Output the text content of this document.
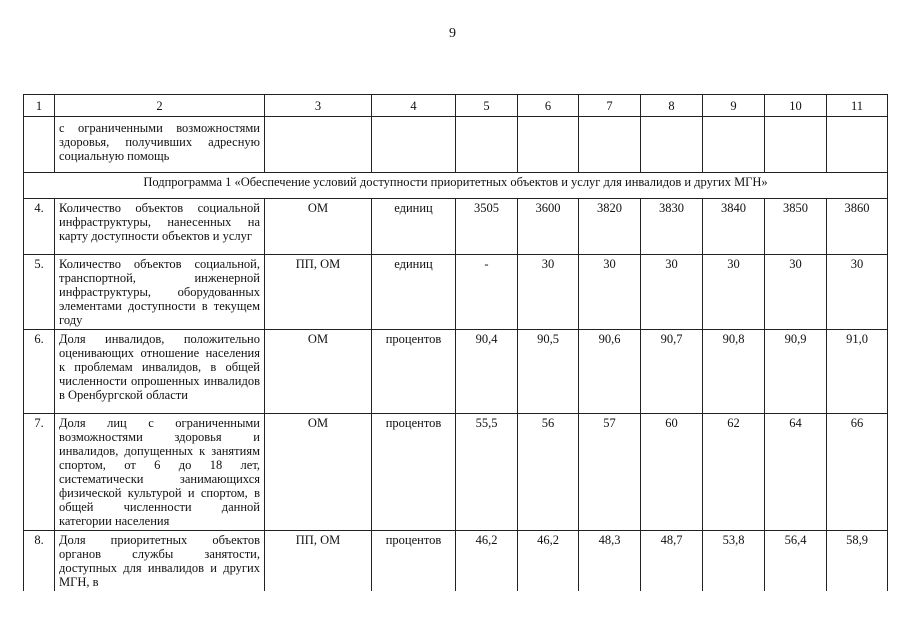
9
1	2	3	4	5	6	7	8	9	10	11
	с ограниченными возможностями здоровья, получивших адресную социальную помощь									
Подпрограмма 1 «Обеспечение условий доступности приоритетных объектов и услуг для инвалидов и других МГН»										
4.	Количество объектов социальной инфраструктуры, нанесенных на карту доступности объектов и услуг	ОМ	единиц	3505	3600	3820	3830	3840	3850	3860
5.	Количество объектов социальной, транспортной, инженерной инфраструктуры, оборудованных элементами доступности в текущем году	ПП, ОМ	единиц	-	30	30	30	30	30	30
6.	Доля инвалидов, положительно оценивающих отношение населения к проблемам инвалидов, в общей численности опрошенных инвалидов в Оренбургской области	ОМ	процентов	90,4	90,5	90,6	90,7	90,8	90,9	91,0
7.	Доля лиц с ограниченными возможностями здоровья и инвалидов, допущенных к занятиям спортом, от 6 до 18 лет, систематически занимающихся физической культурой и спортом, в общей численности данной категории населения	ОМ	процентов	55,5	56	57	60	62	64	66
8.	Доля приоритетных объектов органов службы занятости, доступных для инвалидов и других МГН, в	ПП, ОМ	процентов	46,2	46,2	48,3	48,7	53,8	56,4	58,9
